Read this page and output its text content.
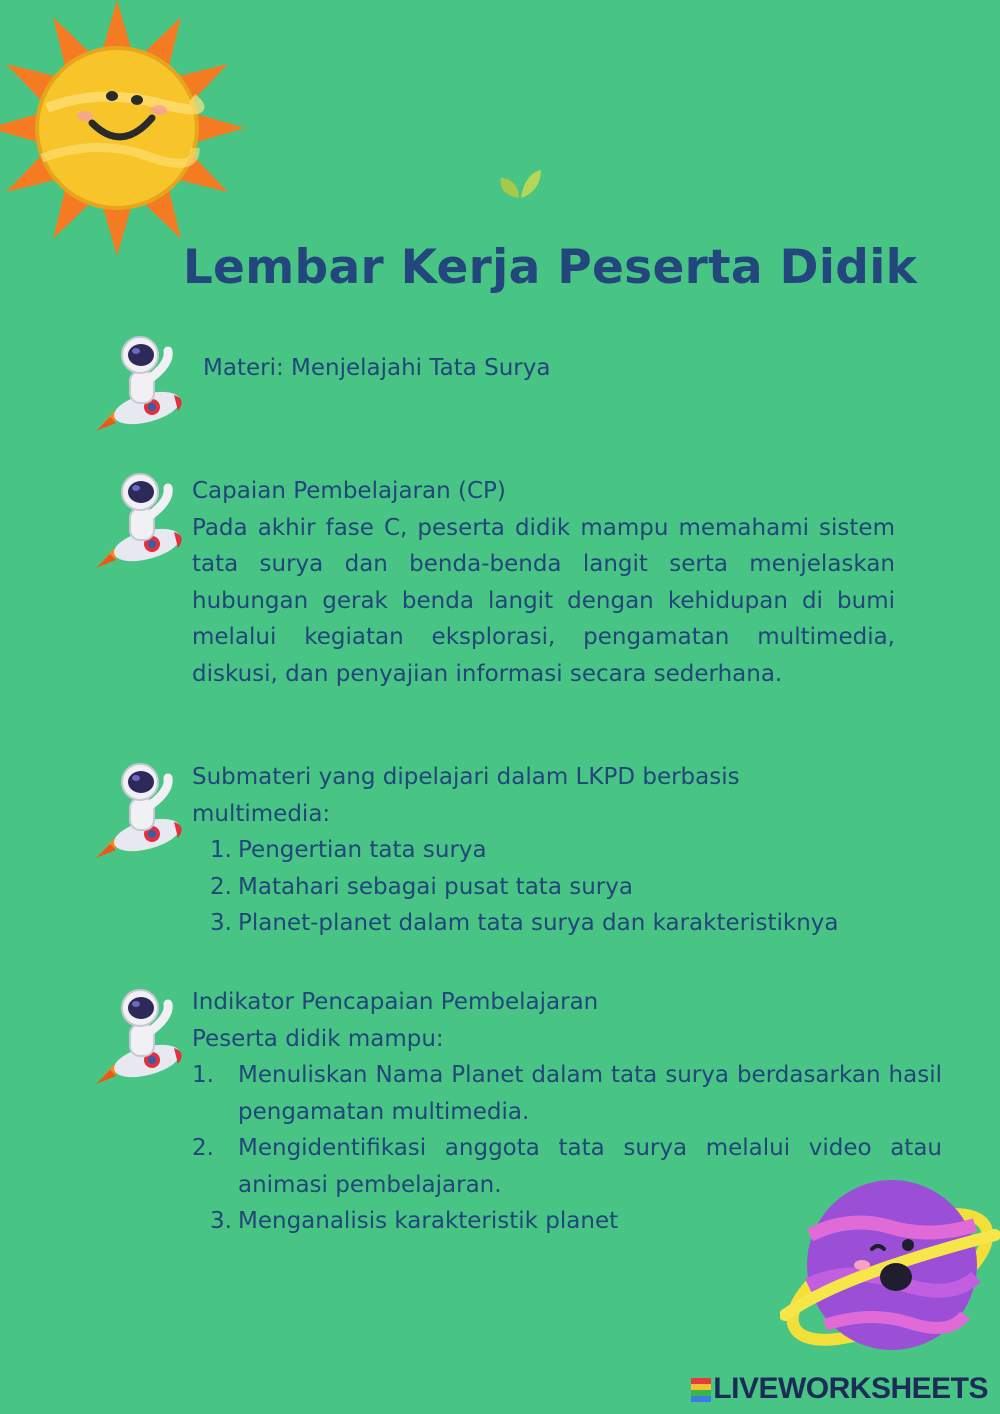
Lembar Kerja Peserta Didik
Materi: Menjelajahi Tata Surya
Capaian Pembelajaran (CP)
Pada akhir fase C, peserta didik mampu memahami sistem tata surya dan benda-benda langit serta menjelaskan hubungan gerak benda langit dengan kehidupan di bumi melalui kegiatan eksplorasi, pengamatan multimedia, diskusi, dan penyajian informasi secara sederhana.
Submateri yang dipelajari dalam LKPD berbasis multimedia:
1. Pengertian tata surya
2. Matahari sebagai pusat tata surya
3. Planet-planet dalam tata surya dan karakteristiknya
Indikator Pencapaian Pembelajaran
Peserta didik mampu:
1.	Menuliskan Nama Planet dalam tata surya berdasarkan hasil pengamatan multimedia.
2.	Mengidentifikasi anggota tata surya melalui video atau animasi pembelajaran.
3. Menganalisis karakteristik planet
LIVEWORKSHEETS
